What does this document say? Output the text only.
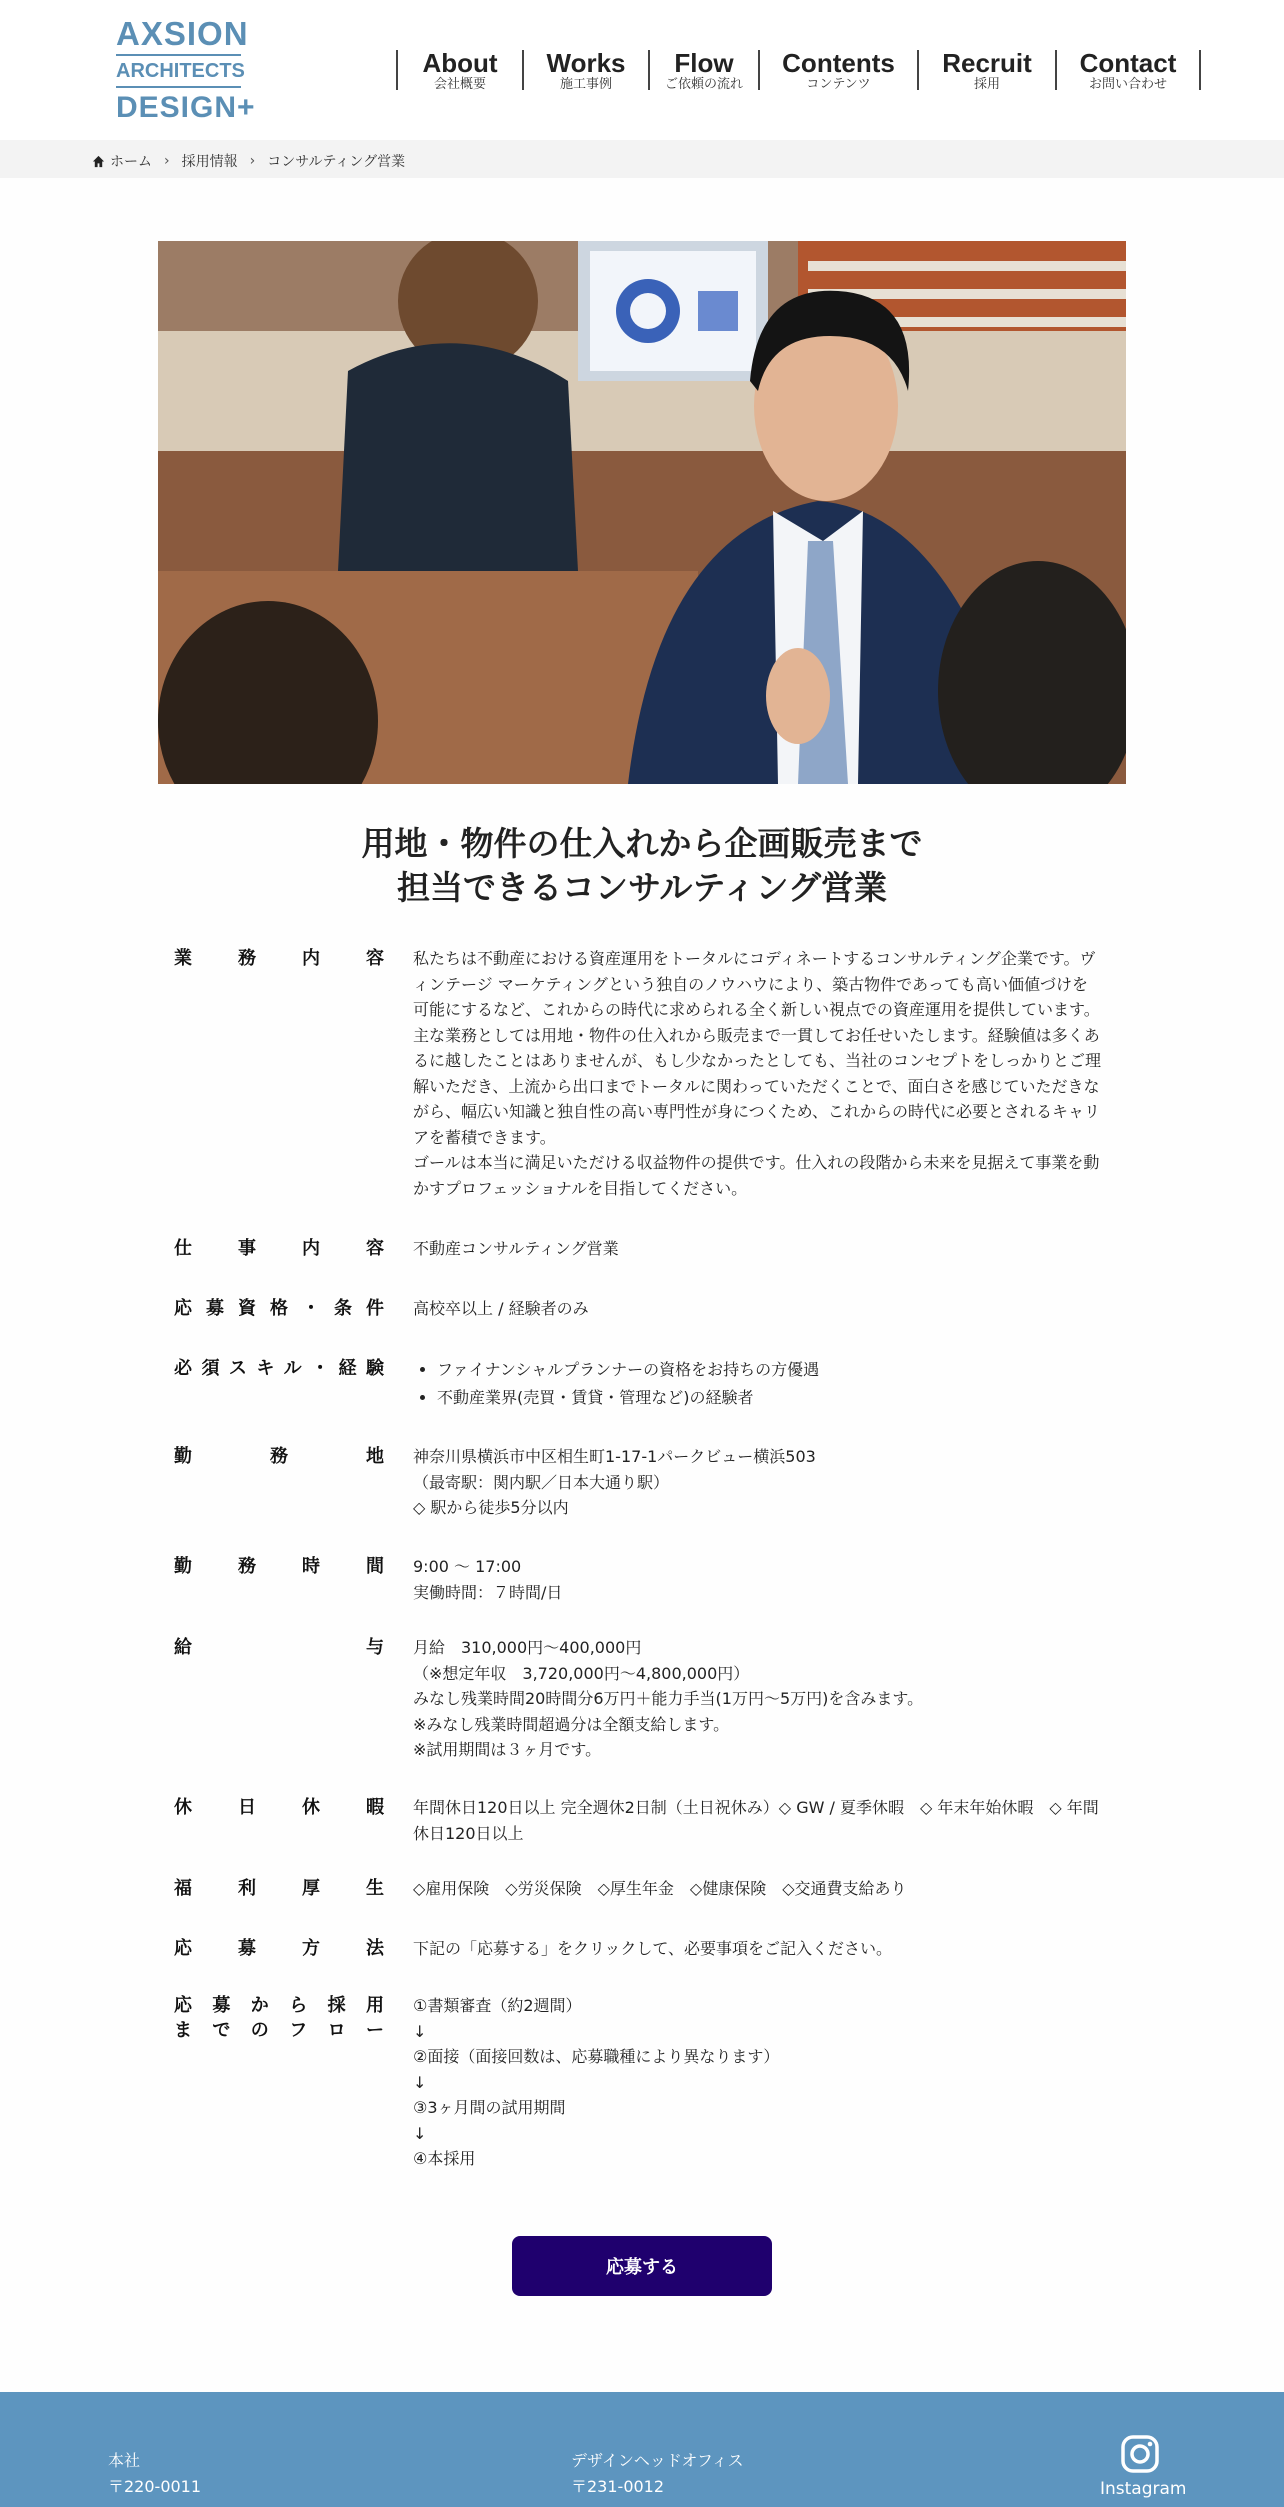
AXSION
ARCHITECTS
DESIGN+
About
会社概要
Works
施工事例
Flow
ご依頼の流れ
Contents
コンテンツ
Recruit
採用
Contact
お問い合わせ
ホーム › 採用情報 › コンサルティング営業
用地・物件の仕入れから企画販売まで
担当できるコンサルティング営業
業務内容 私たちは不動産における資産運用をトータルにコディネートするコンサルティング企業です。ヴィンテージ マーケティングという独自のノウハウにより、築古物件であっても高い価値づけを可能にするなど、これからの時代に求められる全く新しい視点での資産運用を提供しています。
主な業務としては用地・物件の仕入れから販売まで一貫してお任せいたします。経験値は多くあるに越したことはありませんが、もし少なかったとしても、当社のコンセプトをしっかりとご理解いただき、上流から出口までトータルに関わっていただくことで、面白さを感じていただきながら、幅広い知識と独自性の高い専門性が身につくため、これからの時代に必要とされるキャリアを蓄積できます。
ゴールは本当に満足いただける収益物件の提供です。仕入れの段階から未来を見据えて事業を動かすプロフェッショナルを目指してください。
仕事内容 不動産コンサルティング営業
応募資格・条件 高校卒以上 / 経験者のみ
必須スキル・経験
•	ファイナンシャルプランナーの資格をお持ちの方優遇
• 不動産業界(売買・賃貸・管理など)の経験者
勤務地 神奈川県横浜市中区相生町1-17-1パークビュー横浜503
（最寄駅：関内駅／日本大通り駅）
◇ 駅から徒歩5分以内
勤務時間 9:00 〜 17:00
実働時間：７時間/日
給与 月給　310,000円〜400,000円
（※想定年収　3,720,000円〜4,800,000円）
みなし残業時間20時間分6万円＋能力手当(1万円〜5万円)を含みます。
※みなし残業時間超過分は全額支給します。
※試用期間は３ヶ月です。
休日休暇 年間休日120日以上 完全週休2日制（土日祝休み）◇ GW / 夏季休暇　◇ 年末年始休暇　◇ 年間休日120日以上
福利厚生 ◇雇用保険　◇労災保険　◇厚生年金　◇健康保険　◇交通費支給あり
応募方法 下記の「応募する」をクリックして、必要事項をご記入ください。
応募から採用
までのフロー
①書類審査（約2週間）
↓
②面接（面接回数は、応募職種により異なります）
↓
③3ヶ月間の試用期間
↓
④本採用
応募する
本社
〒220-0011
デザインヘッドオフィス
〒231-0012	Instagram
